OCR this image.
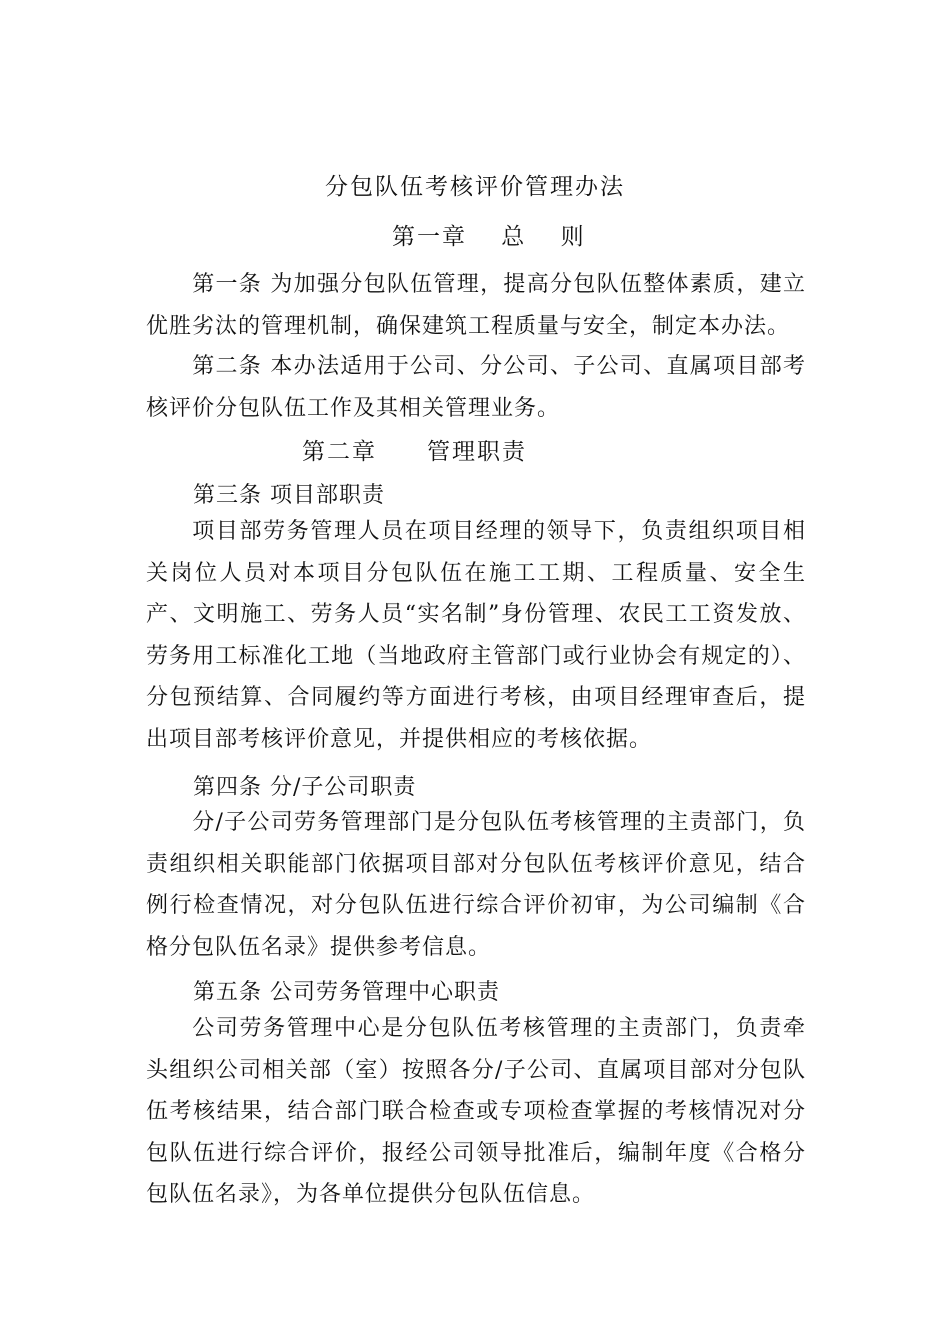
分包队伍考核评价管理办法
第一章　 总　 则
第一条 为加强分包队伍管理，提高分包队伍整体素质，建立优胜劣汰的管理机制，确保建筑工程质量与安全，制定本办法。
第二条 本办法适用于公司、分公司、子公司、直属项目部考核评价分包队伍工作及其相关管理业务。
第二章　　管理职责
第三条 项目部职责
项目部劳务管理人员在项目经理的领导下，负责组织项目相关岗位人员对本项目分包队伍在施工工期、工程质量、安全生产、文明施工、劳务人员“实名制”身份管理、农民工工资发放、劳务用工标准化工地（当地政府主管部门或行业协会有规定的）、分包预结算、合同履约等方面进行考核，由项目经理审查后，提出项目部考核评价意见，并提供相应的考核依据。
第四条 分/子公司职责
分/子公司劳务管理部门是分包队伍考核管理的主责部门，负责组织相关职能部门依据项目部对分包队伍考核评价意见，结合例行检查情况，对分包队伍进行综合评价初审，为公司编制《合格分包队伍名录》提供参考信息。
第五条 公司劳务管理中心职责
公司劳务管理中心是分包队伍考核管理的主责部门，负责牵头组织公司相关部（室）按照各分/子公司、直属项目部对分包队伍考核结果，结合部门联合检查或专项检查掌握的考核情况对分包队伍进行综合评价，报经公司领导批准后，编制年度《合格分包队伍名录》，为各单位提供分包队伍信息。
